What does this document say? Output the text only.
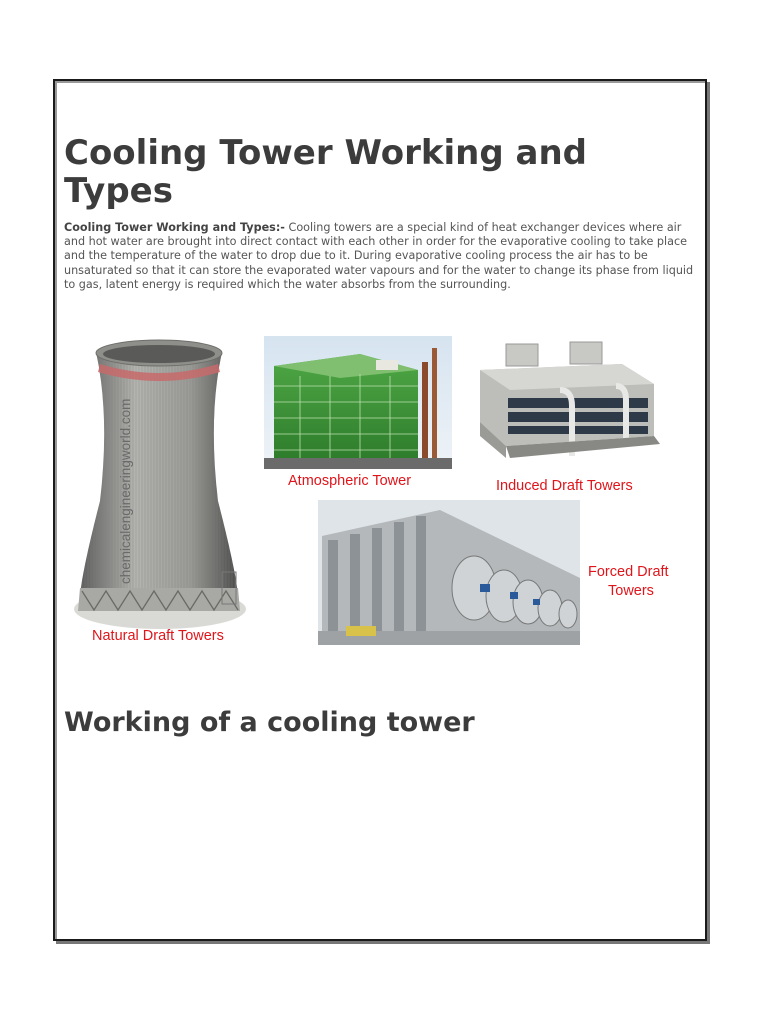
Cooling Tower Working and Types

Cooling Tower Working and Types:- Cooling towers are a special kind of heat exchanger devices where air and hot water are brought into direct contact with each other in order for the evaporative cooling to take place and the temperature of the water to drop due to it. During evaporative cooling process the air has to be unsaturated so that it can store the evaporated water vapours and for the water to change its phase from liquid to gas, latent energy is required which the water absorbs from the surrounding.

chemicalengineeringworld.com
Natural Draft Towers
Atmospheric Tower	Induced Draft Towers
Forced Draft
Towers
Working of a cooling tower
